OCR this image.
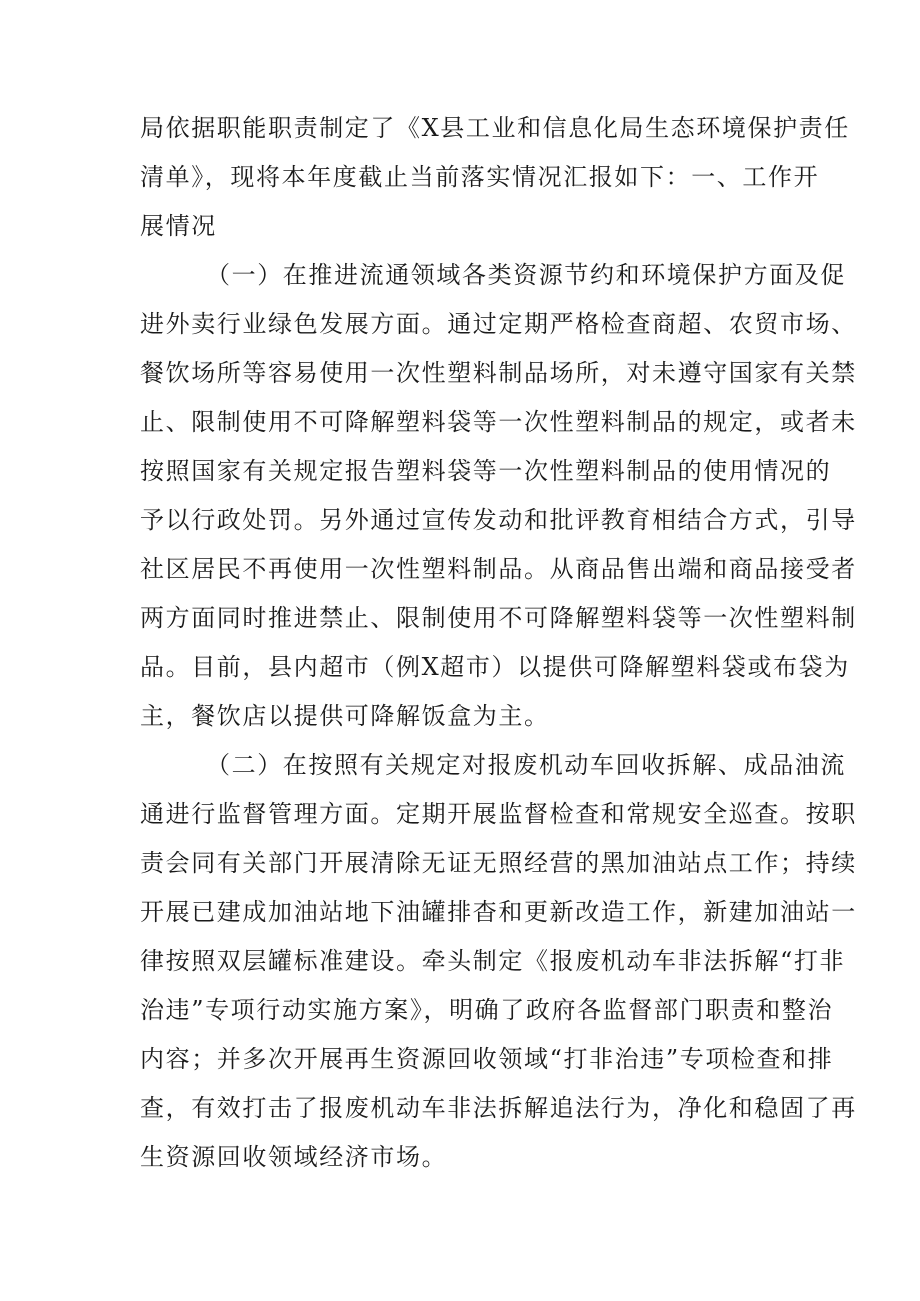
局依据职能职责制定了《X县工业和信息化局生态环境保护责任
清单》，现将本年度截止当前落实情况汇报如下：一、工作开
展情况
（一）在推进流通领域各类资源节约和环境保护方面及促
进外卖行业绿色发展方面。通过定期严格检查商超、农贸市场、
餐饮场所等容易使用一次性塑料制品场所，对未遵守国家有关禁
止、限制使用不可降解塑料袋等一次性塑料制品的规定，或者未
按照国家有关规定报告塑料袋等一次性塑料制品的使用情况的
予以行政处罚。另外通过宣传发动和批评教育相结合方式，引导
社区居民不再使用一次性塑料制品。从商品售出端和商品接受者
两方面同时推进禁止、限制使用不可降解塑料袋等一次性塑料制
品。目前，县内超市（例X超市）以提供可降解塑料袋或布袋为
主，餐饮店以提供可降解饭盒为主。
（二）在按照有关规定对报废机动车回收拆解、成品油流
通进行监督管理方面。定期开展监督检查和常规安全巡查。按职
责会同有关部门开展清除无证无照经营的黑加油站点工作；持续
开展已建成加油站地下油罐排杳和更新改造工作，新建加油站一
律按照双层罐标准建设。牵头制定《报废机动车非法拆解“打非
治违”专项行动实施方案》，明确了政府各监督部门职责和整治
内容；并多次开展再生资源回收领域“打非治违”专项检查和排
查，有效打击了报废机动车非法拆解追法行为，净化和稳固了再
生资源回收领域经济市场。
